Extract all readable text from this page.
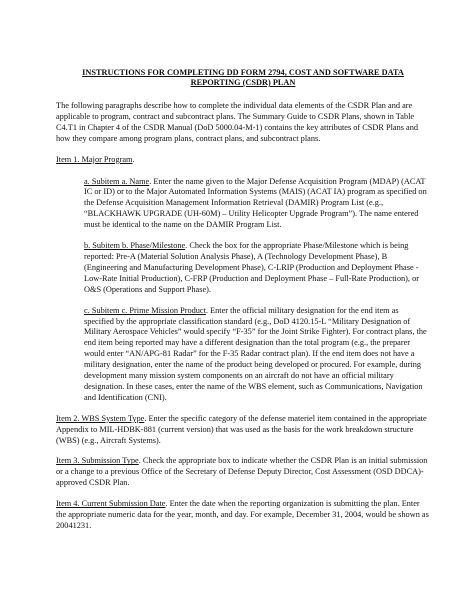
INSTRUCTIONS FOR COMPLETING DD FORM 2794, COST AND SOFTWARE DATA REPORTING (CSDR) PLAN

The following paragraphs describe how to complete the individual data elements of the CSDR Plan and are applicable to program, contract and subcontract plans. The Summary Guide to CSDR Plans, shown in Table C4.T1 in Chapter 4 of the CSDR Manual (DoD 5000.04-M-1) contains the key attributes of CSDR Plans and how they compare among program plans, contract plans, and subcontract plans.

Item 1. Major Program.

a. Subitem a. Name. Enter the name given to the Major Defense Acquisition Program (MDAP) (ACAT IC or ID) or to the Major Automated Information Systems (MAIS) (ACAT IA) program as specified on the Defense Acquisition Management Information Retrieval (DAMIR) Program List (e.g., “BLACKHAWK UPGRADE (UH-60M) – Utility Helicopter Upgrade Program”). The name entered must be identical to the name on the DAMIR Program List.

b. Subitem b. Phase/Milestone. Check the box for the appropriate Phase/Milestone which is being reported: Pre-A (Material Solution Analysis Phase), A (Technology Development Phase), B (Engineering and Manufacturing Development Phase), C-LRIP (Production and Deployment Phase - Low-Rate Initial Production), C-FRP (Production and Deployment Phase – Full-Rate Production), or O&S (Operations and Support Phase).

c. Subitem c. Prime Mission Product. Enter the official military designation for the end item as specified by the appropriate classification standard (e.g., DoD 4120.15-L “Military Designation of Military Aerospace Vehicles” would specify “F-35” for the Joint Strike Fighter). For contract plans, the end item being reported may have a different designation than the total program (e.g., the preparer would enter “AN/APG-81 Radar” for the F-35 Radar contract plan). If the end item does not have a military designation, enter the name of the product being developed or procured. For example, during development many mission system components on an aircraft do not have an official military designation. In these cases, enter the name of the WBS element, such as Communications, Navigation and Identification (CNI).

Item 2. WBS System Type. Enter the specific category of the defense materiel item contained in the appropriate Appendix to MIL-HDBK-881 (current version) that was used as the basis for the work breakdown structure (WBS) (e.g., Aircraft Systems).

Item 3. Submission Type. Check the appropriate box to indicate whether the CSDR Plan is an initial submission or a change to a previous Office of the Secretary of Defense Deputy Director, Cost Assessment (OSD DDCA)-approved CSDR Plan.

Item 4. Current Submission Date. Enter the date when the reporting organization is submitting the plan. Enter the appropriate numeric data for the year, month, and day. For example, December 31, 2004, would be shown as 20041231.
